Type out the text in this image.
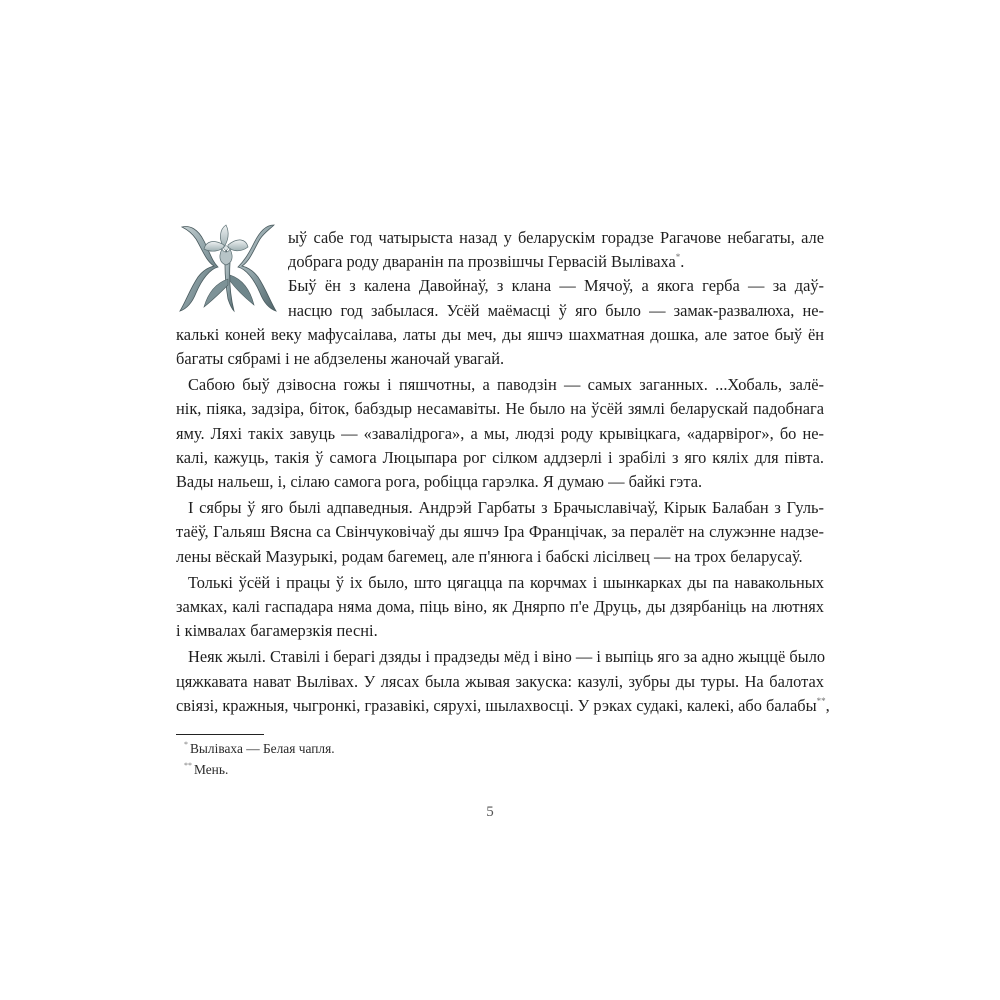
ыў сабе год чатырыста назад у беларускім горадзе Рагачове небагаты, але
добрага роду дваранін па прозвішчы Гервасій Выліваха*.
Быў ён з калена Давойнаў, з клана — Мячоў, а якога герба — за даў-
насцю год забылася. Усёй маёмасці ў яго было — замак-развалюха, не-
калькі коней веку мафусаілава, латы ды меч, ды яшчэ шахматная дошка, але затое быў ён
багаты сябрамі і не абдзелены жаночай увагай.
Сабою быў дзівосна гожы і пяшчотны, а паводзін — самых заганных. ...Хобаль, залё-
нік, піяка, задзіра, біток, бабздыр несамавіты. Не было на ўсёй зямлі беларускай падобнага
яму. Ляхі такіх завуць — «завалідрога», а мы, людзі роду крывіцкага, «адарвірог», бо не-
калі, кажуць, такія ў самога Люцыпара рог сілком аддзерлі і зрабілі з яго кяліх для півта.
Вады нальеш, і, сілаю самога рога, робіцца гарэлка. Я думаю — байкі гэта.
І сябры ў яго былі адпаведныя. Андрэй Гарбаты з Брачыславічаў, Кірык Балабан з Гуль-
таёў, Гальяш Вясна са Свінчуковічаў ды яшчэ Іра Францічак, за пералёт на служэнне надзе-
лены вёскай Мазурыкі, родам багемец, але п'янюга і бабскі лісілвец — на трох беларусаў.
Толькі ўсёй і працы ў іх было, што цягацца па корчмах і шынкарках ды па навакольных
замках, калі гаспадара няма дома, піць віно, як Днярпо п'е Друць, ды дзярбаніць на лютнях
і кімвалах багамерзкія песні.
Неяк жылі. Ставілі і берагі дзяды і прадзеды мёд і віно — і выпіць яго за адно жыццё было
цяжкавата нават Вылівах. У лясах была жывая закуска: казулі, зубры ды туры. На балотах
свіязі, кражныя, чыгронкі, гразавікі, сярухі, шылахвосці. У рэках судакі, калекі, або балабы**,
* Выліваха — Белая чапля.
** Мень.
5
